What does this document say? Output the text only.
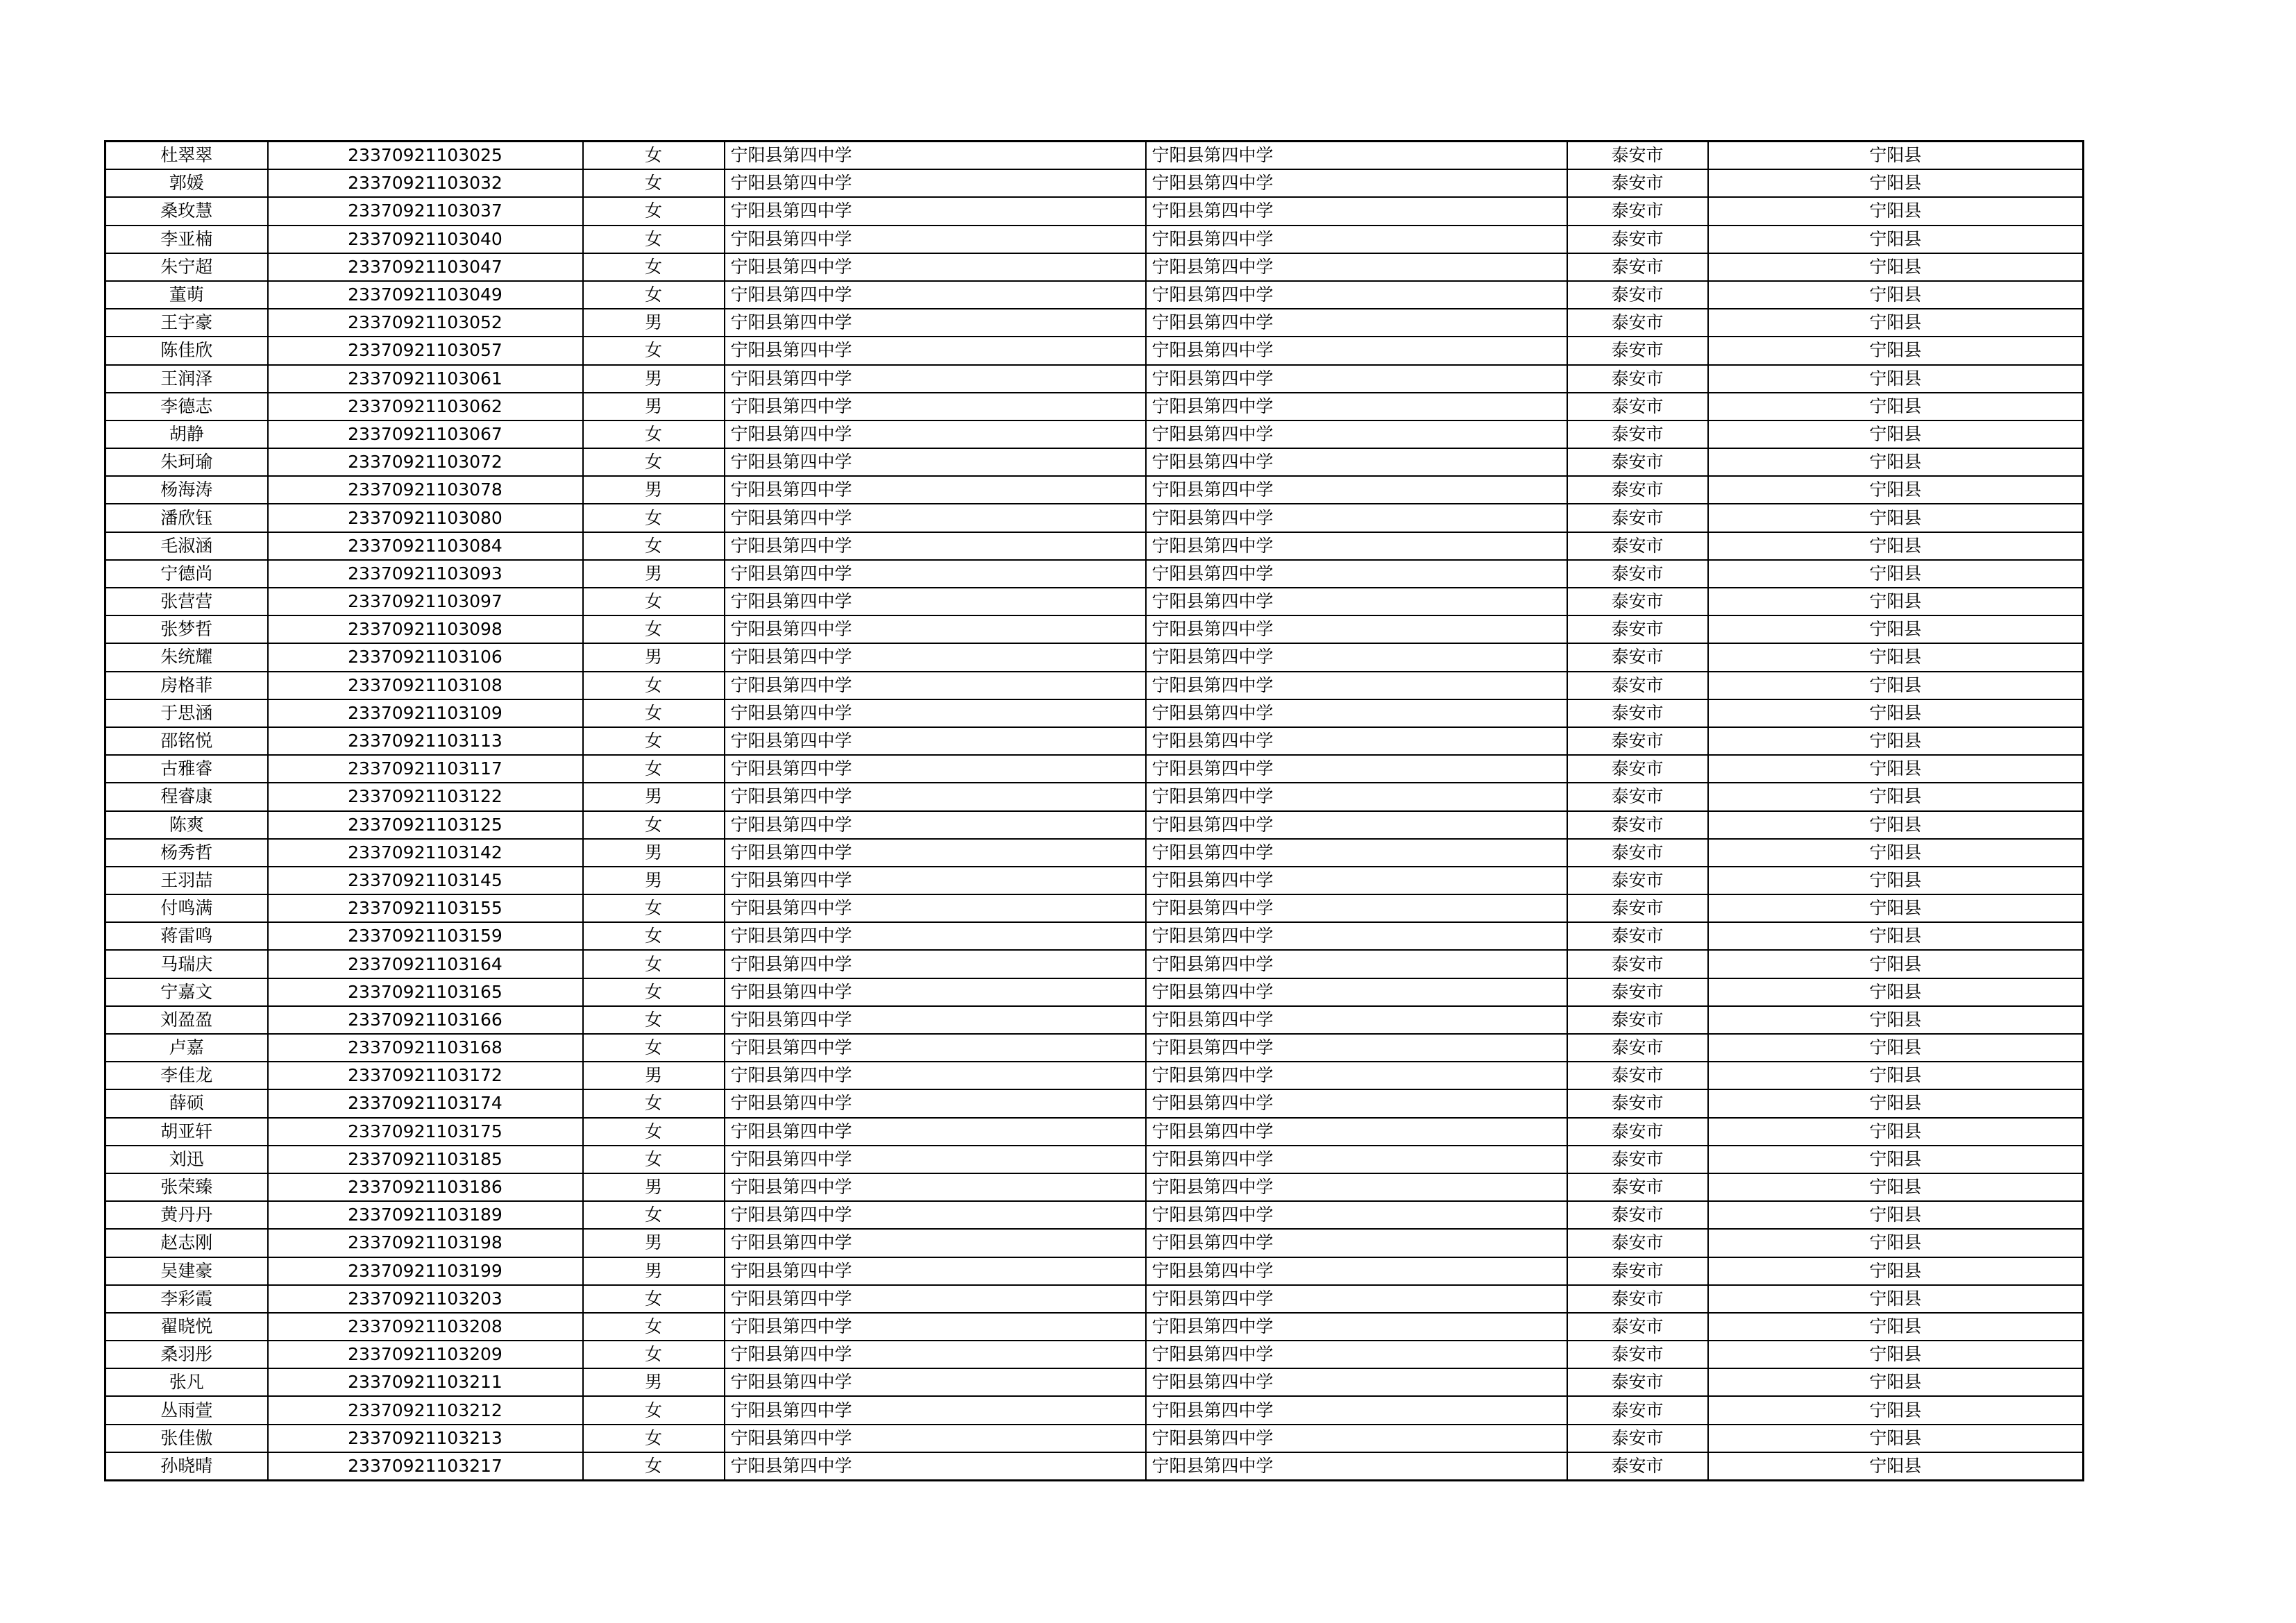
杜翠翠	23370921103025	女	宁阳县第四中学	宁阳县第四中学	泰安市	宁阳县
郭媛	23370921103032	女	宁阳县第四中学	宁阳县第四中学	泰安市	宁阳县
桑玫慧	23370921103037	女	宁阳县第四中学	宁阳县第四中学	泰安市	宁阳县
李亚楠	23370921103040	女	宁阳县第四中学	宁阳县第四中学	泰安市	宁阳县
朱宁超	23370921103047	女	宁阳县第四中学	宁阳县第四中学	泰安市	宁阳县
董萌	23370921103049	女	宁阳县第四中学	宁阳县第四中学	泰安市	宁阳县
王宇豪	23370921103052	男	宁阳县第四中学	宁阳县第四中学	泰安市	宁阳县
陈佳欣	23370921103057	女	宁阳县第四中学	宁阳县第四中学	泰安市	宁阳县
王润泽	23370921103061	男	宁阳县第四中学	宁阳县第四中学	泰安市	宁阳县
李德志	23370921103062	男	宁阳县第四中学	宁阳县第四中学	泰安市	宁阳县
胡静	23370921103067	女	宁阳县第四中学	宁阳县第四中学	泰安市	宁阳县
朱珂瑜	23370921103072	女	宁阳县第四中学	宁阳县第四中学	泰安市	宁阳县
杨海涛	23370921103078	男	宁阳县第四中学	宁阳县第四中学	泰安市	宁阳县
潘欣钰	23370921103080	女	宁阳县第四中学	宁阳县第四中学	泰安市	宁阳县
毛淑涵	23370921103084	女	宁阳县第四中学	宁阳县第四中学	泰安市	宁阳县
宁德尚	23370921103093	男	宁阳县第四中学	宁阳县第四中学	泰安市	宁阳县
张营营	23370921103097	女	宁阳县第四中学	宁阳县第四中学	泰安市	宁阳县
张梦哲	23370921103098	女	宁阳县第四中学	宁阳县第四中学	泰安市	宁阳县
朱统耀	23370921103106	男	宁阳县第四中学	宁阳县第四中学	泰安市	宁阳县
房格菲	23370921103108	女	宁阳县第四中学	宁阳县第四中学	泰安市	宁阳县
于思涵	23370921103109	女	宁阳县第四中学	宁阳县第四中学	泰安市	宁阳县
邵铭悦	23370921103113	女	宁阳县第四中学	宁阳县第四中学	泰安市	宁阳县
古雅睿	23370921103117	女	宁阳县第四中学	宁阳县第四中学	泰安市	宁阳县
程睿康	23370921103122	男	宁阳县第四中学	宁阳县第四中学	泰安市	宁阳县
陈爽	23370921103125	女	宁阳县第四中学	宁阳县第四中学	泰安市	宁阳县
杨秀哲	23370921103142	男	宁阳县第四中学	宁阳县第四中学	泰安市	宁阳县
王羽喆	23370921103145	男	宁阳县第四中学	宁阳县第四中学	泰安市	宁阳县
付鸣满	23370921103155	女	宁阳县第四中学	宁阳县第四中学	泰安市	宁阳县
蒋雷鸣	23370921103159	女	宁阳县第四中学	宁阳县第四中学	泰安市	宁阳县
马瑞庆	23370921103164	女	宁阳县第四中学	宁阳县第四中学	泰安市	宁阳县
宁嘉文	23370921103165	女	宁阳县第四中学	宁阳县第四中学	泰安市	宁阳县
刘盈盈	23370921103166	女	宁阳县第四中学	宁阳县第四中学	泰安市	宁阳县
卢嘉	23370921103168	女	宁阳县第四中学	宁阳县第四中学	泰安市	宁阳县
李佳龙	23370921103172	男	宁阳县第四中学	宁阳县第四中学	泰安市	宁阳县
薛硕	23370921103174	女	宁阳县第四中学	宁阳县第四中学	泰安市	宁阳县
胡亚轩	23370921103175	女	宁阳县第四中学	宁阳县第四中学	泰安市	宁阳县
刘迅	23370921103185	女	宁阳县第四中学	宁阳县第四中学	泰安市	宁阳县
张荣臻	23370921103186	男	宁阳县第四中学	宁阳县第四中学	泰安市	宁阳县
黄丹丹	23370921103189	女	宁阳县第四中学	宁阳县第四中学	泰安市	宁阳县
赵志刚	23370921103198	男	宁阳县第四中学	宁阳县第四中学	泰安市	宁阳县
吴建豪	23370921103199	男	宁阳县第四中学	宁阳县第四中学	泰安市	宁阳县
李彩霞	23370921103203	女	宁阳县第四中学	宁阳县第四中学	泰安市	宁阳县
翟晓悦	23370921103208	女	宁阳县第四中学	宁阳县第四中学	泰安市	宁阳县
桑羽彤	23370921103209	女	宁阳县第四中学	宁阳县第四中学	泰安市	宁阳县
张凡	23370921103211	男	宁阳县第四中学	宁阳县第四中学	泰安市	宁阳县
丛雨萱	23370921103212	女	宁阳县第四中学	宁阳县第四中学	泰安市	宁阳县
张佳傲	23370921103213	女	宁阳县第四中学	宁阳县第四中学	泰安市	宁阳县
孙晓晴	23370921103217	女	宁阳县第四中学	宁阳县第四中学	泰安市	宁阳县
